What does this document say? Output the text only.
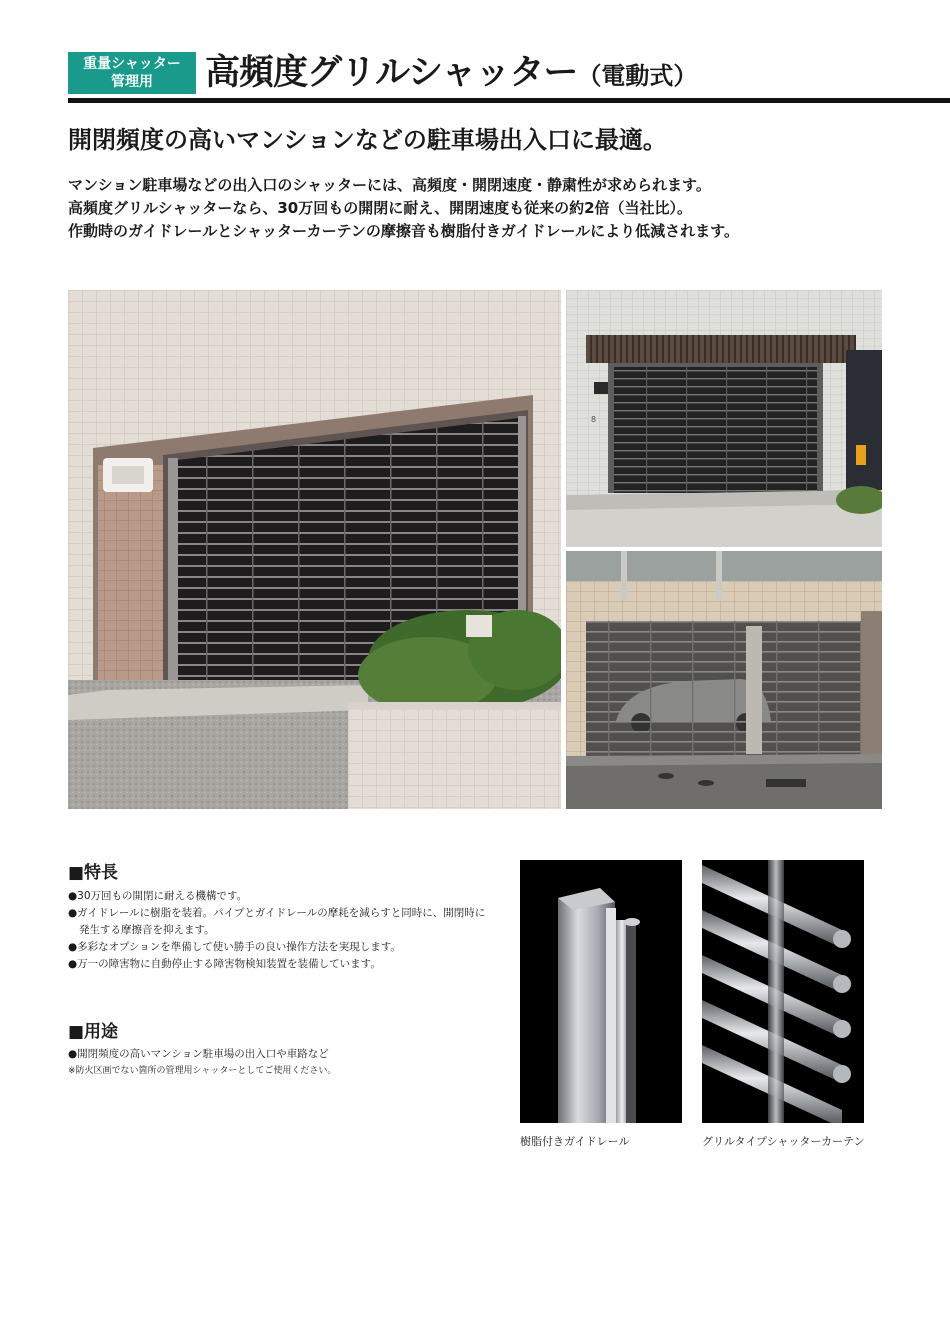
重量シャッター
管理用	高頻度グリルシャッター（電動式）
開閉頻度の高いマンションなどの駐車場出入口に最適。
マンション駐車場などの出入口のシャッターには、高頻度・開閉速度・静粛性が求められます。
高頻度グリルシャッターなら、30万回もの開閉に耐え、開閉速度も従来の約2倍（当社比）。
作動時のガイドレールとシャッターカーテンの摩擦音も樹脂付きガイドレールにより低減されます。
8
■特長
●30万回もの開閉に耐える機構です。
●ガイドレールに樹脂を装着。パイプとガイドレールの摩耗を減らすと同時に、開閉時に
発生する摩擦音を抑えます。
●多彩なオプションを準備して使い勝手の良い操作方法を実現します。
●万一の障害物に自動停止する障害物検知装置を装備しています。
■用途
●開閉頻度の高いマンション駐車場の出入口や車路など
※防火区画でない箇所の管理用シャッターとしてご使用ください。
樹脂付きガイドレール	グリルタイプシャッターカーテン
